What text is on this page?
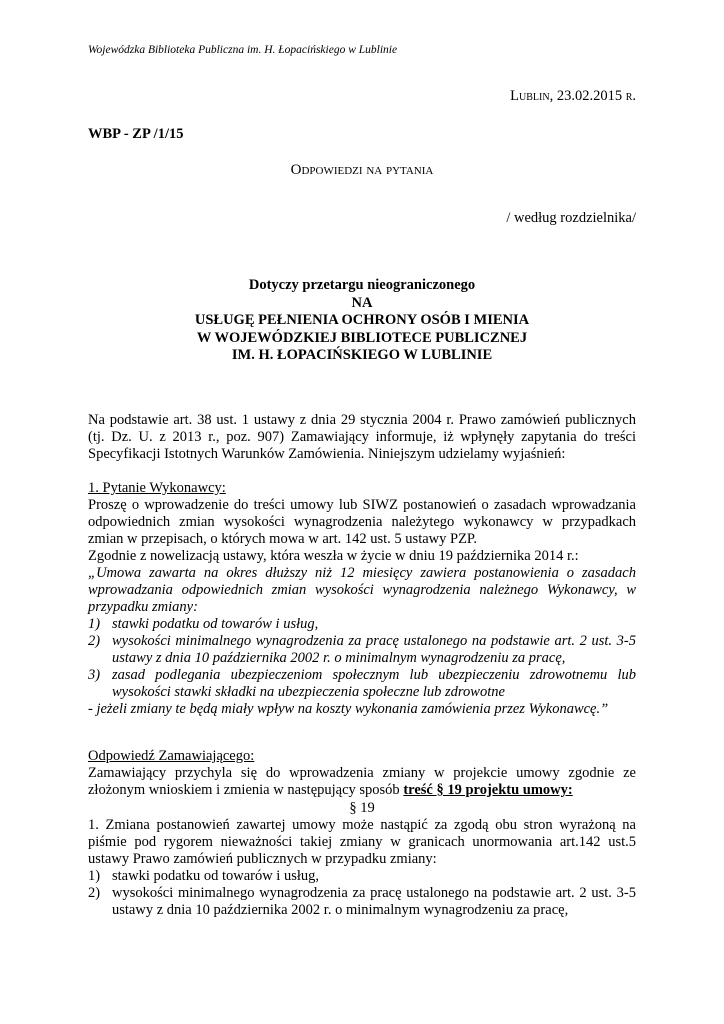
Wojewódzka Biblioteka Publiczna im. H. Łopacińskiego w Lublinie
Lublin, 23.02.2015 r.
WBP - ZP /1/15
Odpowiedzi na pytania
/ według rozdzielnika/
Dotyczy przetargu nieograniczonego
NA
USŁUGĘ PEŁNIENIA OCHRONY OSÓB I MIENIA
W WOJEWÓDZKIEJ BIBLIOTECE PUBLICZNEJ
IM. H. ŁOPACIŃSKIEGO W LUBLINIE

Na podstawie art. 38 ust. 1 ustawy z dnia 29 stycznia 2004 r. Prawo zamówień publicznych (tj. Dz. U. z 2013 r., poz. 907) Zamawiający informuje, iż wpłynęły zapytania do treści Specyfikacji Istotnych Warunków Zamówienia. Niniejszym udzielamy wyjaśnień:

1. Pytanie Wykonawcy:

Proszę o wprowadzenie do treści umowy lub SIWZ postanowień o zasadach wprowadzania odpowiednich zmian wysokości wynagrodzenia należytego wykonawcy w przypadkach zmian w przepisach, o których mowa w art. 142 ust. 5 ustawy PZP.

Zgodnie z nowelizacją ustawy, która weszła w życie w dniu 19 października 2014 r.:

„Umowa zawarta na okres dłuższy niż 12 miesięcy zawiera postanowienia o zasadach wprowadzania odpowiednich zmian wysokości wynagrodzenia należnego Wykonawcy, w przypadku zmiany:

1) stawki podatku od towarów i usług,
2) wysokości minimalnego wynagrodzenia za pracę ustalonego na podstawie art. 2 ust. 3-5 ustawy z dnia 10 października 2002 r. o minimalnym wynagrodzeniu za pracę,
3) zasad podlegania ubezpieczeniom społecznym lub ubezpieczeniu zdrowotnemu lub wysokości stawki składki na ubezpieczenia społeczne lub zdrowotne

- jeżeli zmiany te będą miały wpływ na koszty wykonania zamówienia przez Wykonawcę.”

Odpowiedź Zamawiającego:

Zamawiający przychyla się do wprowadzenia zmiany w projekcie umowy zgodnie ze złożonym wnioskiem i zmienia w następujący sposób treść § 19 projektu umowy:

§ 19

1. Zmiana postanowień zawartej umowy może nastąpić za zgodą obu stron wyrażoną na piśmie pod rygorem nieważności takiej zmiany w granicach unormowania art.142 ust.5 ustawy Prawo zamówień publicznych w przypadku zmiany:

1) stawki podatku od towarów i usług,
2) wysokości minimalnego wynagrodzenia za pracę ustalonego na podstawie art. 2 ust. 3-5 ustawy z dnia 10 października 2002 r. o minimalnym wynagrodzeniu za pracę,
